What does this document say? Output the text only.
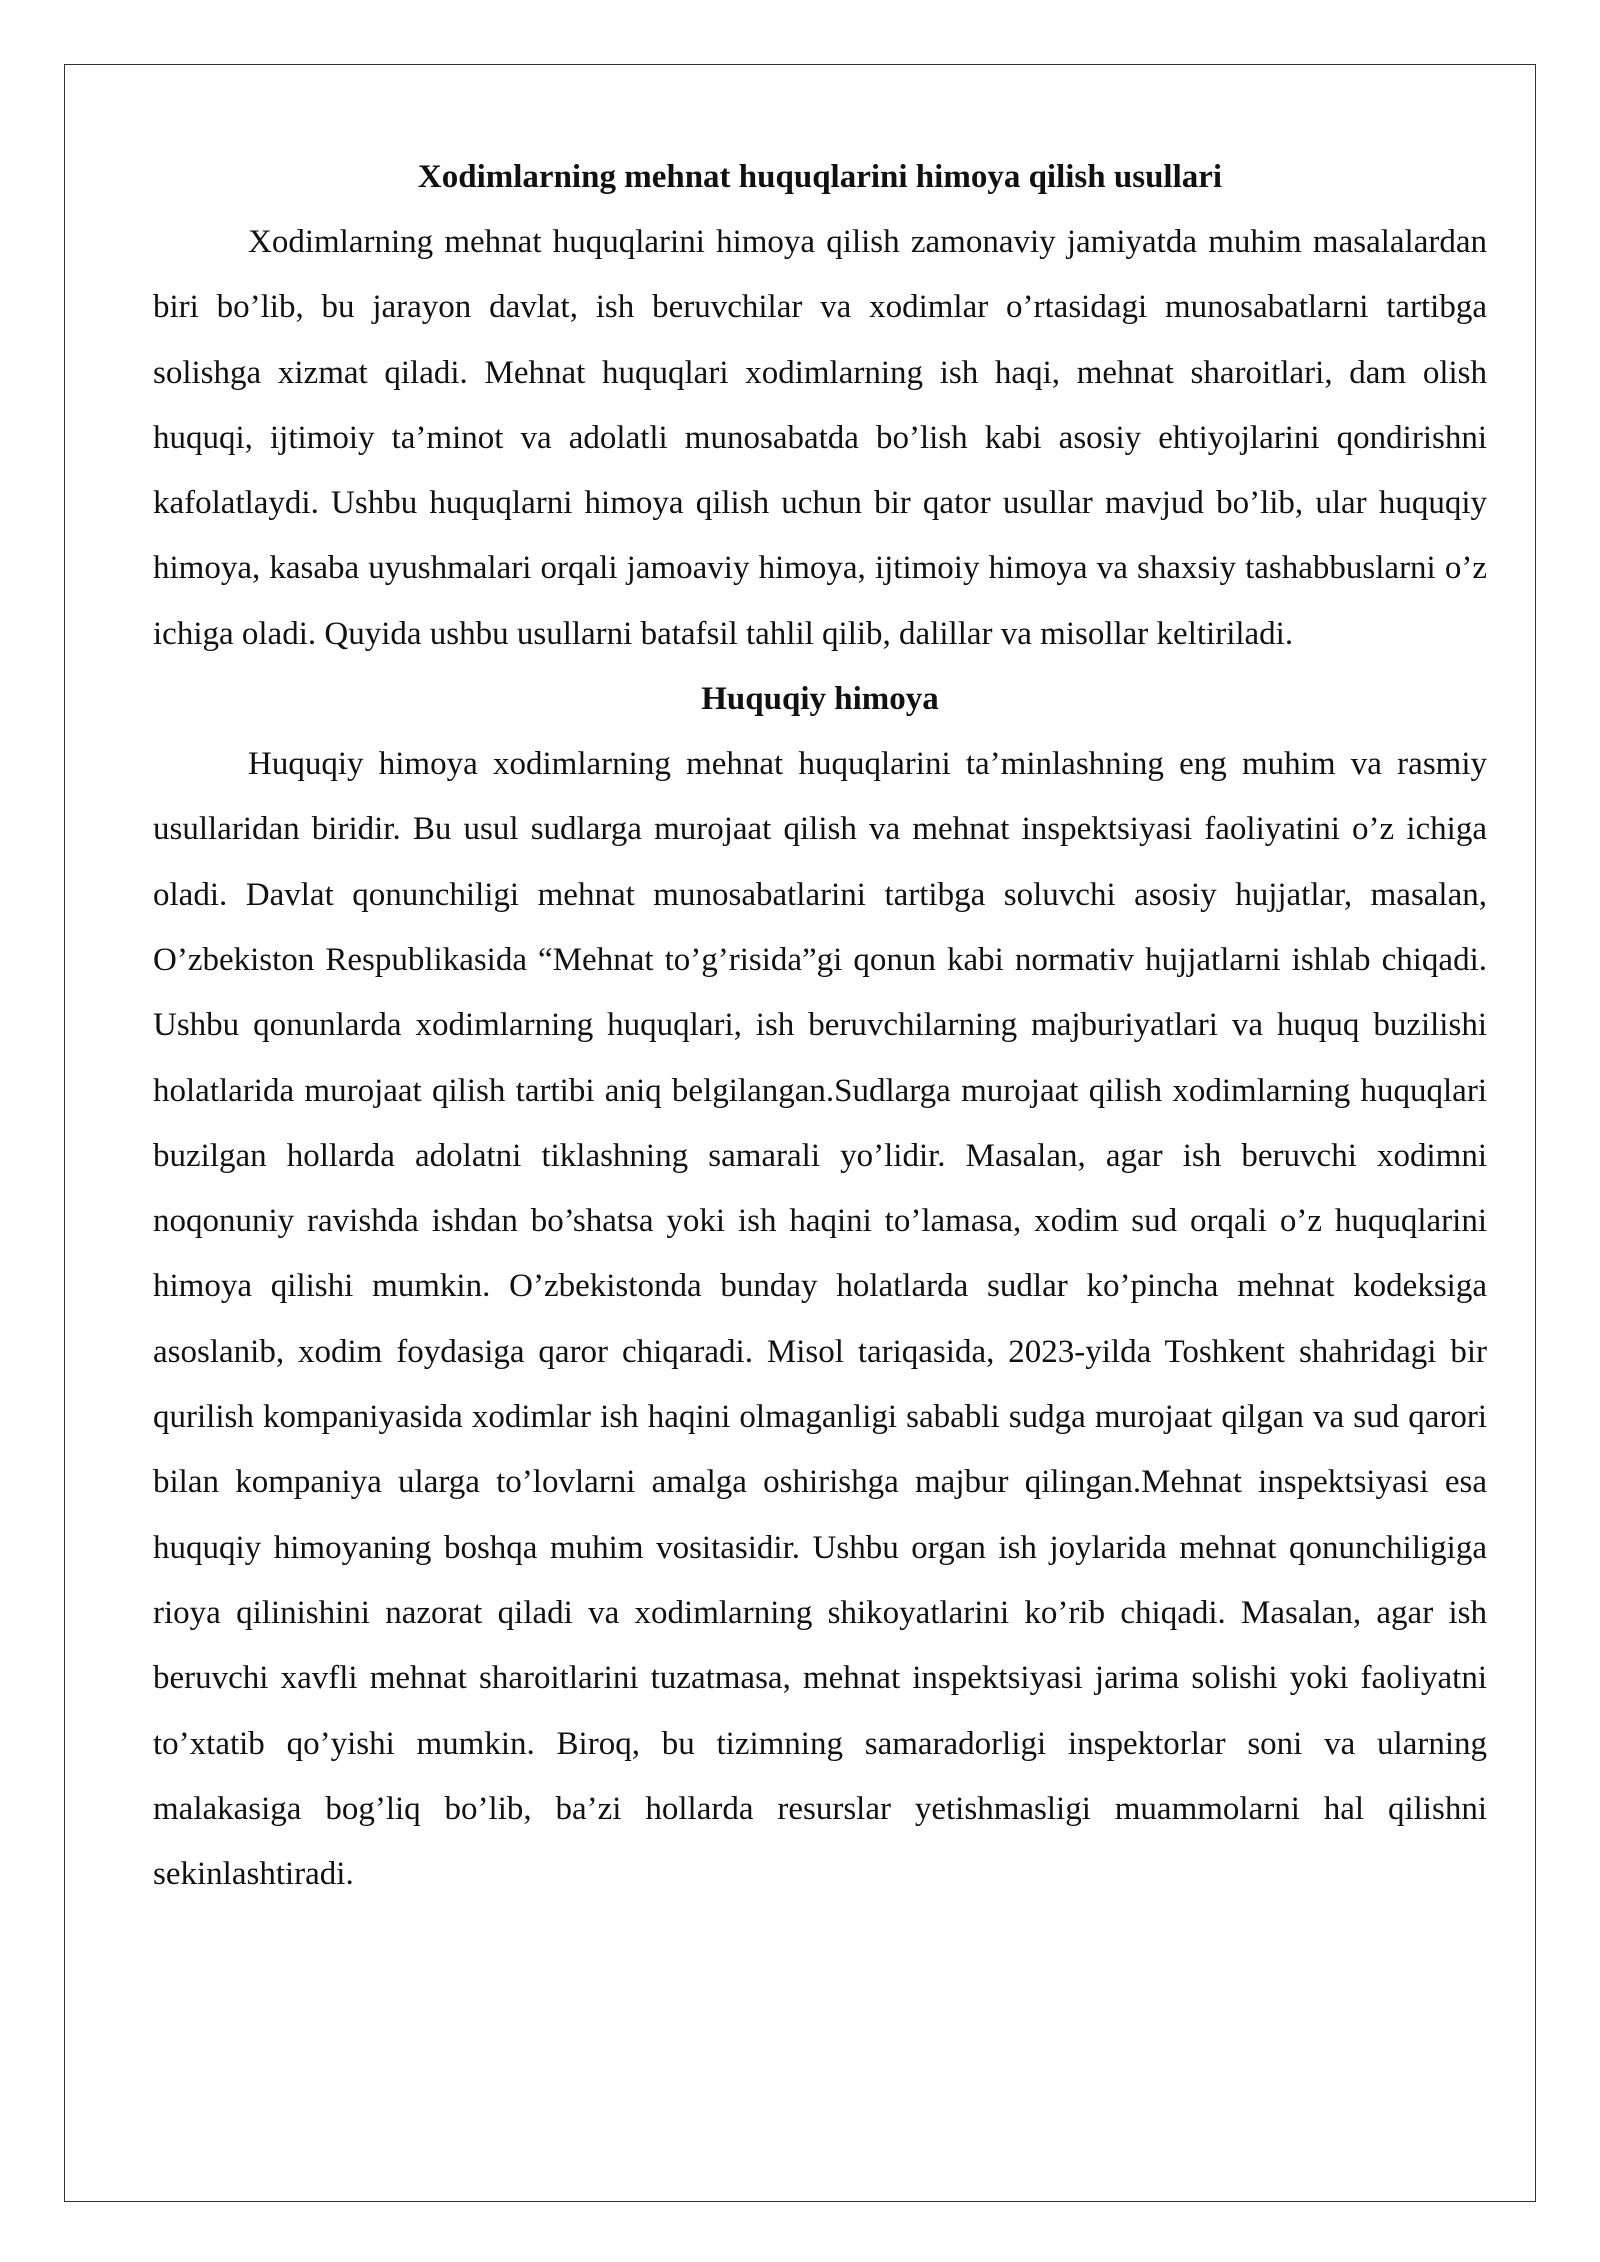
Xodimlarning mehnat huquqlarini himoya qilish usullari

Xodimlarning mehnat huquqlarini himoya qilish zamonaviy jamiyatda muhim masalalardan biri bo’lib, bu jarayon davlat, ish beruvchilar va xodimlar o’rtasidagi munosabatlarni tartibga solishga xizmat qiladi. Mehnat huquqlari xodimlarning ish haqi, mehnat sharoitlari, dam olish huquqi, ijtimoiy ta’minot va adolatli munosabatda bo’lish kabi asosiy ehtiyojlarini qondirishni kafolatlaydi. Ushbu huquqlarni himoya qilish uchun bir qator usullar mavjud bo’lib, ular huquqiy himoya, kasaba uyushmalari orqali jamoaviy himoya, ijtimoiy himoya va shaxsiy tashabbuslarni o’z ichiga oladi. Quyida ushbu usullarni batafsil tahlil qilib, dalillar va misollar keltiriladi.

Huquqiy himoya

Huquqiy himoya xodimlarning mehnat huquqlarini ta’minlashning eng muhim va rasmiy usullaridan biridir. Bu usul sudlarga murojaat qilish va mehnat inspektsiyasi faoliyatini o’z ichiga oladi. Davlat qonunchiligi mehnat munosabatlarini tartibga soluvchi asosiy hujjatlar, masalan, O’zbekiston Respublikasida “Mehnat to’g’risida”gi qonun kabi normativ hujjatlarni ishlab chiqadi. Ushbu qonunlarda xodimlarning huquqlari, ish beruvchilarning majburiyatlari va huquq buzilishi holatlarida murojaat qilish tartibi aniq belgilangan.Sudlarga murojaat qilish xodimlarning huquqlari buzilgan hollarda adolatni tiklashning samarali yo’lidir. Masalan, agar ish beruvchi xodimni noqonuniy ravishda ishdan bo’shatsa yoki ish haqini to’lamasa, xodim sud orqali o’z huquqlarini himoya qilishi mumkin. O’zbekistonda bunday holatlarda sudlar ko’pincha mehnat kodeksiga asoslanib, xodim foydasiga qaror chiqaradi. Misol tariqasida, 2023-yilda Toshkent shahridagi bir qurilish kompaniyasida xodimlar ish haqini olmaganligi sababli sudga murojaat qilgan va sud qarori bilan kompaniya ularga to’lovlarni amalga oshirishga majbur qilingan.Mehnat inspektsiyasi esa huquqiy himoyaning boshqa muhim vositasidir. Ushbu organ ish joylarida mehnat qonunchiligiga rioya qilinishini nazorat qiladi va xodimlarning shikoyatlarini ko’rib chiqadi. Masalan, agar ish beruvchi xavfli mehnat sharoitlarini tuzatmasa, mehnat inspektsiyasi jarima solishi yoki faoliyatni to’xtatib qo’yishi mumkin. Biroq, bu tizimning samaradorligi inspektorlar soni va ularning malakasiga bog’liq bo’lib, ba’zi hollarda resurslar yetishmasligi muammolarni hal qilishni sekinlashtiradi.
